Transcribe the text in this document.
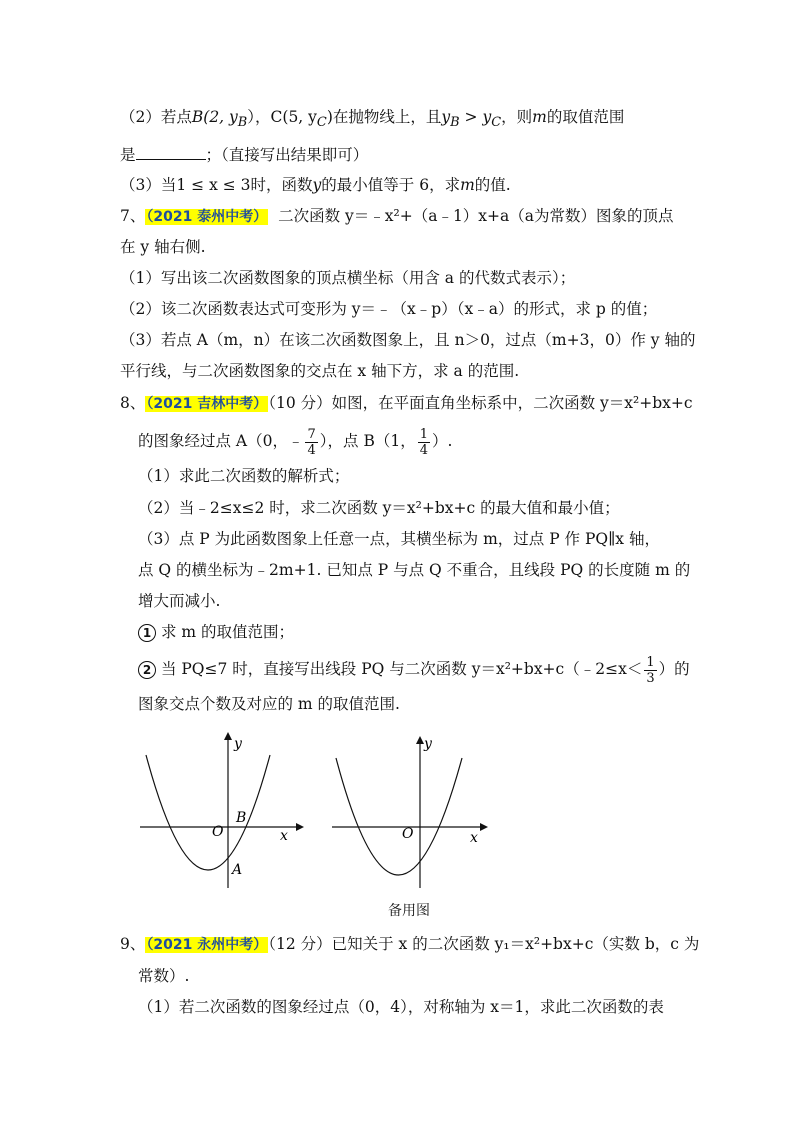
（2）若点B(2, $y_B$），C(5, $y_C$)在抛物线上，且$y_B > y_C$，则m的取值范围
是	；（直接写出结果即可）
（3）当1 ≤ x ≤ 3时，函数y的最小值等于 6，求m的值.
7、（2021 泰州中考） 二次函数 y＝﹣x²+（a﹣1）x+a（a为常数）图象的顶点
在 y 轴右侧.
（1）写出该二次函数图象的顶点横坐标（用含 a 的代数式表示）；
（2）该二次函数表达式可变形为 y＝﹣（x﹣p）（x﹣a）的形式，求 p 的值；
（3）若点 A（m，n）在该二次函数图象上，且 n＞0，过点（m+3，0）作 y 轴的
平行线，与二次函数图象的交点在 x 轴下方，求 a 的范围.
8、（2021 吉林中考）（10 分）如图，在平面直角坐标系中，二次函数 y＝x²+bx+c
的图象经过点 A（0，﹣ $\frac{7}{4}$ ），点 B（1， $\frac{1}{4}$ ）.
（1）求此二次函数的解析式；
（2）当﹣2≤x≤2 时，求二次函数 y＝x²+bx+c 的最大值和最小值；
（3）点 P 为此函数图象上任意一点，其横坐标为 m，过点 P 作 PQ∥x 轴，
点 Q 的横坐标为﹣2m+1. 已知点 P 与点 Q 不重合，且线段 PQ 的长度随 m 的
增大而减小.
1 求 m 的取值范围；
2 当 PQ≤7 时，直接写出线段 PQ 与二次函数 y＝x²+bx+c（﹣2≤x＜ $\frac{1}{3}$ ）的
图象交点个数及对应的 m 的取值范围.
y
x
O
B
A
y
x
O
备用图
9、（2021 永州中考）（12 分）已知关于 x 的二次函数 y₁＝x²+bx+c（实数 b，c 为
常数）.
（1）若二次函数的图象经过点（0，4），对称轴为 x＝1，求此二次函数的表
